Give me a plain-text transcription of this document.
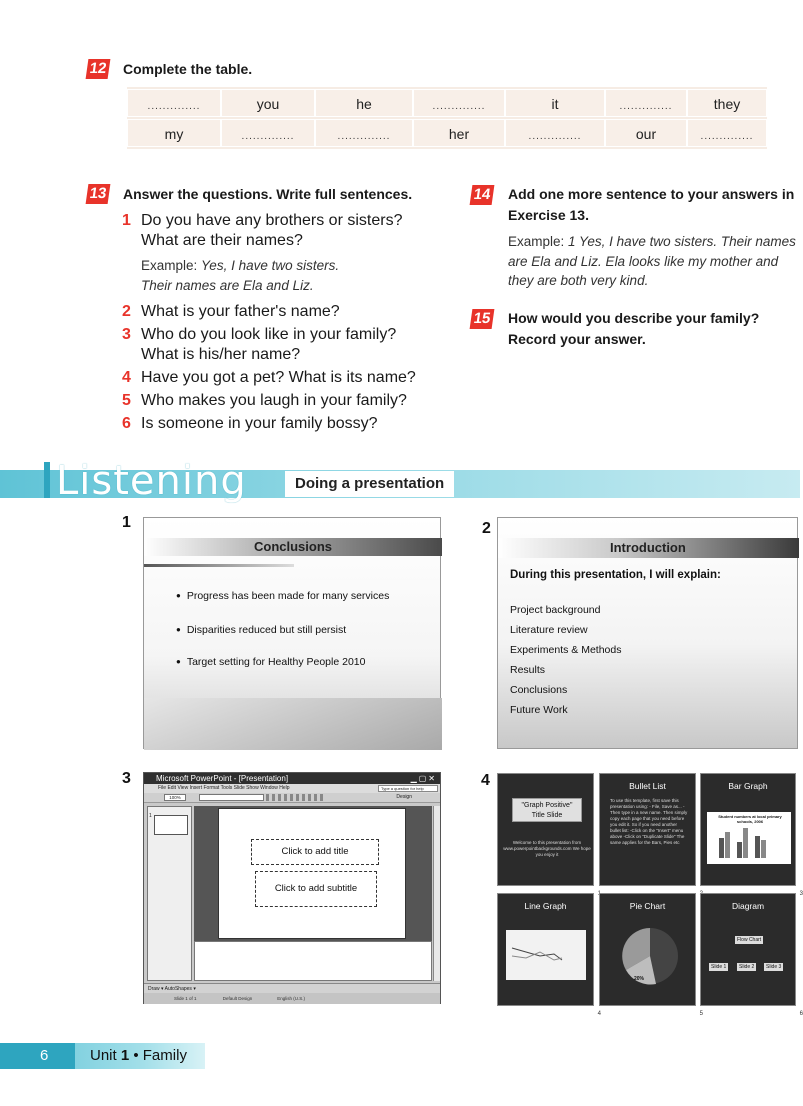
12 Complete the table.
..............	you	he	..............	it	..............	they
my	..............	..............	her	..............	our	..............
13 Answer the questions. Write full sentences.
1 Do you have any brothers or sisters?
What are their names?
Example: Yes, I have two sisters.
Their names are Ela and Liz.
2 What is your father's name?
3 Who do you look like in your family?
What is his/her name?
4 Have you got a pet? What is its name?
5 Who makes you laugh in your family?
6 Is someone in your family bossy?
14 Add one more sentence to your answers in
Exercise 13.
Example: 1 Yes, I have two sisters. Their names
are Ela and Liz. Ela looks like my mother and
they are both very kind.
15 How would you describe your family?
Record your answer.
Listening	Doing a presentation
1	2
3	4
Conclusions
● Progress has been made for many services
● Disparities reduced but still persist
● Target setting for Healthy People 2010
Introduction
During this presentation, I will explain:
Project background
Literature review
Experiments & Methods
Results
Conclusions
Future Work
Microsoft PowerPoint - [Presentation]	▁▢✕
File Edit View Insert Format Tools Slide Show Window Help	Type a question for help
100%	Design
1
Click to add title
Click to add subtitle
Draw ▾ AutoShapes ▾
Slide 1 of 1                     Default Design                    English (U.S.)
"Graph Positive"
Title Slide
Welcome to this presentation from www.powerpointbackgrounds.com We hope you enjoy it
Bullet List
To use this template, first save this presentation using: - File, Save as... - Then type in a new name. Then simply copy each page that you need before you edit it. So if you need another bullet list: -Click on the "Insert" menu above -Click on "Duplicate Slide" The same applies for the Bars, Pies etc
Bar Graph
Student numbers at local primary schools, 2006
3
Line Graph
4
Pie Chart
20%
5
Diagram
Flow Chart
Slide 1	Slide 2	Slide 3
6
6	Unit 1 • Family
